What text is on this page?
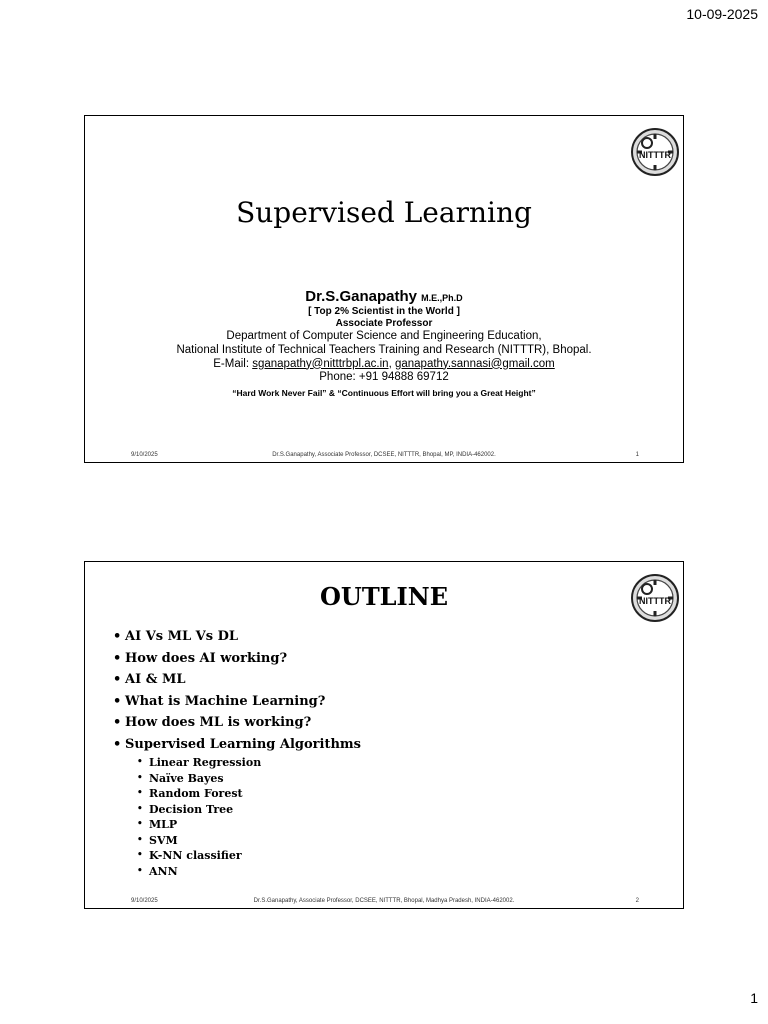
10-09-2025
NITTTR
Supervised Learning
Dr.S.Ganapathy M.E.,Ph.D
[ Top 2% Scientist in the World ]
Associate Professor
Department of Computer Science and Engineering Education,
National Institute of Technical Teachers Training and Research (NITTTR), Bhopal.
E-Mail: sganapathy@nitttrbpl.ac.in, ganapathy.sannasi@gmail.com
Phone: +91 94888 69712
“Hard Work Never Fail” & “Continuous Effort will bring you a Great Height”
9/10/2025	Dr.S.Ganapathy, Associate Professor, DCSEE, NITTTR, Bhopal, MP, INDIA-462002.	1
NITTTR
OUTLINE
• AI Vs ML Vs DL
• How does AI working?
• AI & ML
• What is Machine Learning?
• How does ML is working?
• Supervised Learning Algorithms
• Linear Regression
• Naïve Bayes
• Random Forest
• Decision Tree
• MLP
• SVM
• K-NN classifier
• ANN
9/10/2025	Dr.S.Ganapathy, Associate Professor, DCSEE, NITTTR, Bhopal, Madhya Pradesh, INDIA-462002.	2
1
